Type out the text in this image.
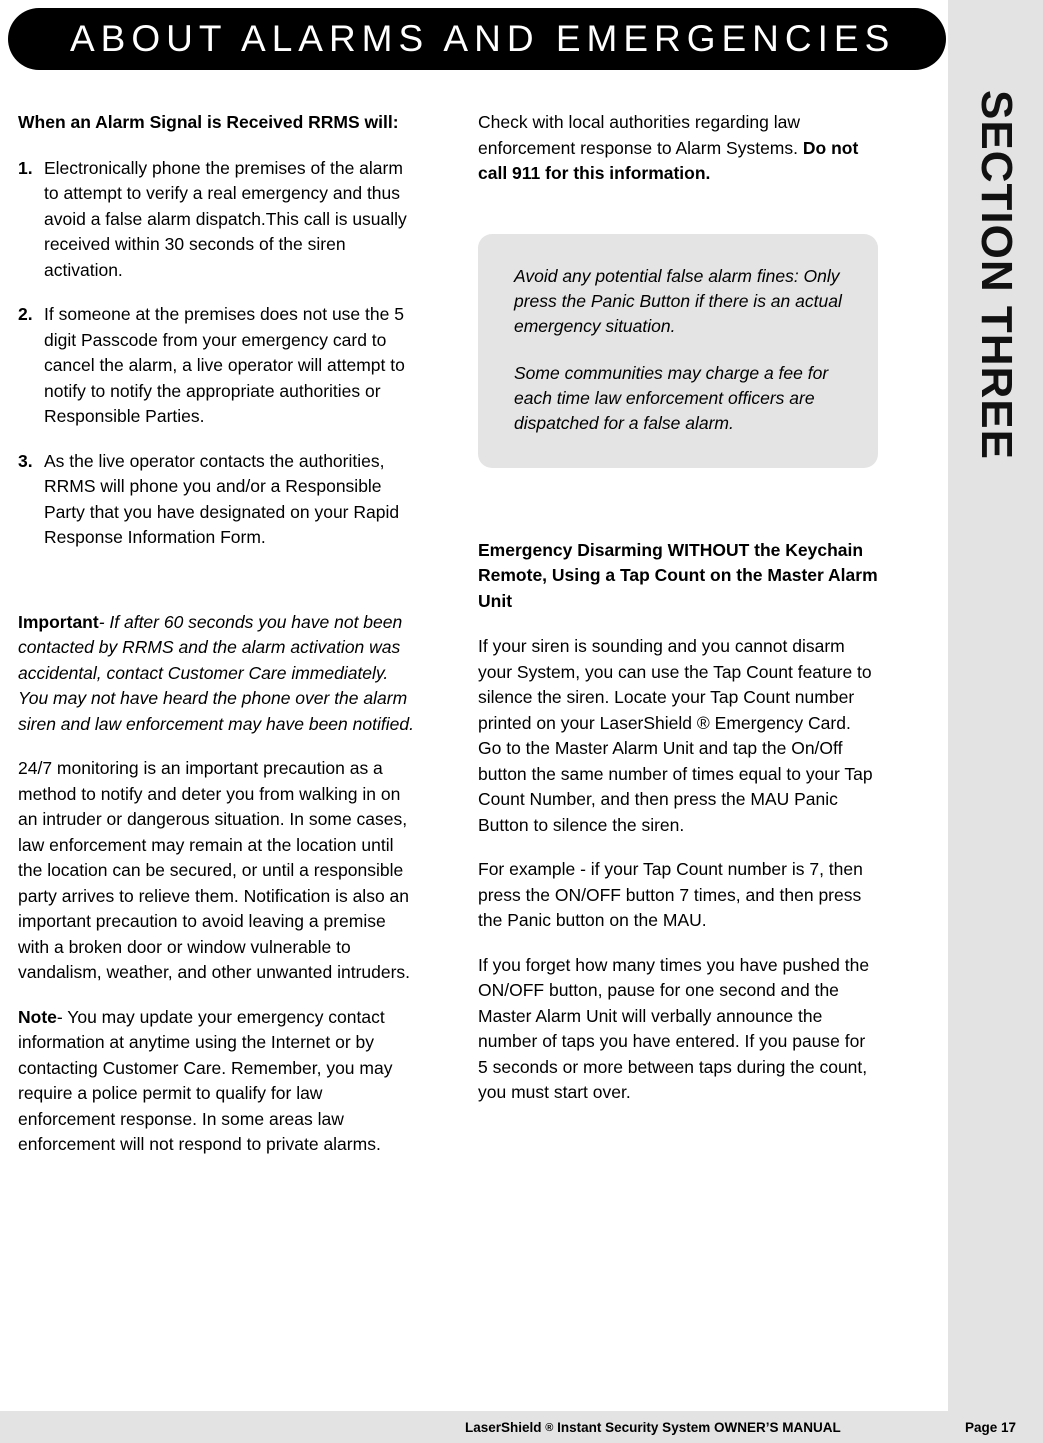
SECTION THREE
ABOUT ALARMS AND EMERGENCIES
When an Alarm Signal is Received RRMS will:
1. Electronically phone the premises of the alarm to attempt to verify a real emergency and thus avoid a false alarm dispatch.This call is usually received within 30 seconds of the siren activation.
2. If someone at the premises does not use the 5 digit Passcode from your emergency card to cancel the alarm, a live operator will attempt to notify to notify the appropriate authorities or Responsible Parties.
3. As the live operator contacts the authorities, RRMS will phone you and/or a Responsible Party that you have designated on your Rapid Response Information Form.

Important- If after 60 seconds you have not been contacted by RRMS and the alarm activation was accidental, contact Customer Care immediately. You may not have heard the phone over the alarm siren and law enforcement may have been notified.

24/7 monitoring is an important precaution as a method to notify and deter you from walking in on an intruder or dangerous situation. In some cases, law enforcement may remain at the location until the location can be secured, or until a responsible party arrives to relieve them. Notification is also an important precaution to avoid leaving a premise with a broken door or window vulnerable to vandalism, weather, and other unwanted intruders.

Note- You may update your emergency contact information at anytime using the Internet or by contacting Customer Care. Remember, you may require a police permit to qualify for law enforcement response. In some areas law enforcement will not respond to private alarms.

Check with local authorities regarding law enforcement response to Alarm Systems. Do not call 911 for this information.

Avoid any potential false alarm fines: Only press the Panic Button if there is an actual emergency situation.

Some communities may charge a fee for each time law enforcement officers are dispatched for a false alarm.

Emergency Disarming WITHOUT the Keychain Remote, Using a Tap Count on the Master Alarm Unit

If your siren is sounding and you cannot disarm your System, you can use the Tap Count feature to silence the siren. Locate your Tap Count number printed on your LaserShield ® Emergency Card. Go to the Master Alarm Unit and tap the On/Off button the same number of times equal to your Tap Count Number, and then press the MAU Panic Button to silence the siren.

For example - if your Tap Count number is 7, then press the ON/OFF button 7 times, and then press the Panic button on the MAU.

If you forget how many times you have pushed the ON/OFF button, pause for one second and the Master Alarm Unit will verbally announce the number of taps you have entered. If you pause for 5 seconds or more between taps during the count, you must start over.

LaserShield ® Instant Security System OWNER’S MANUAL	Page 17
